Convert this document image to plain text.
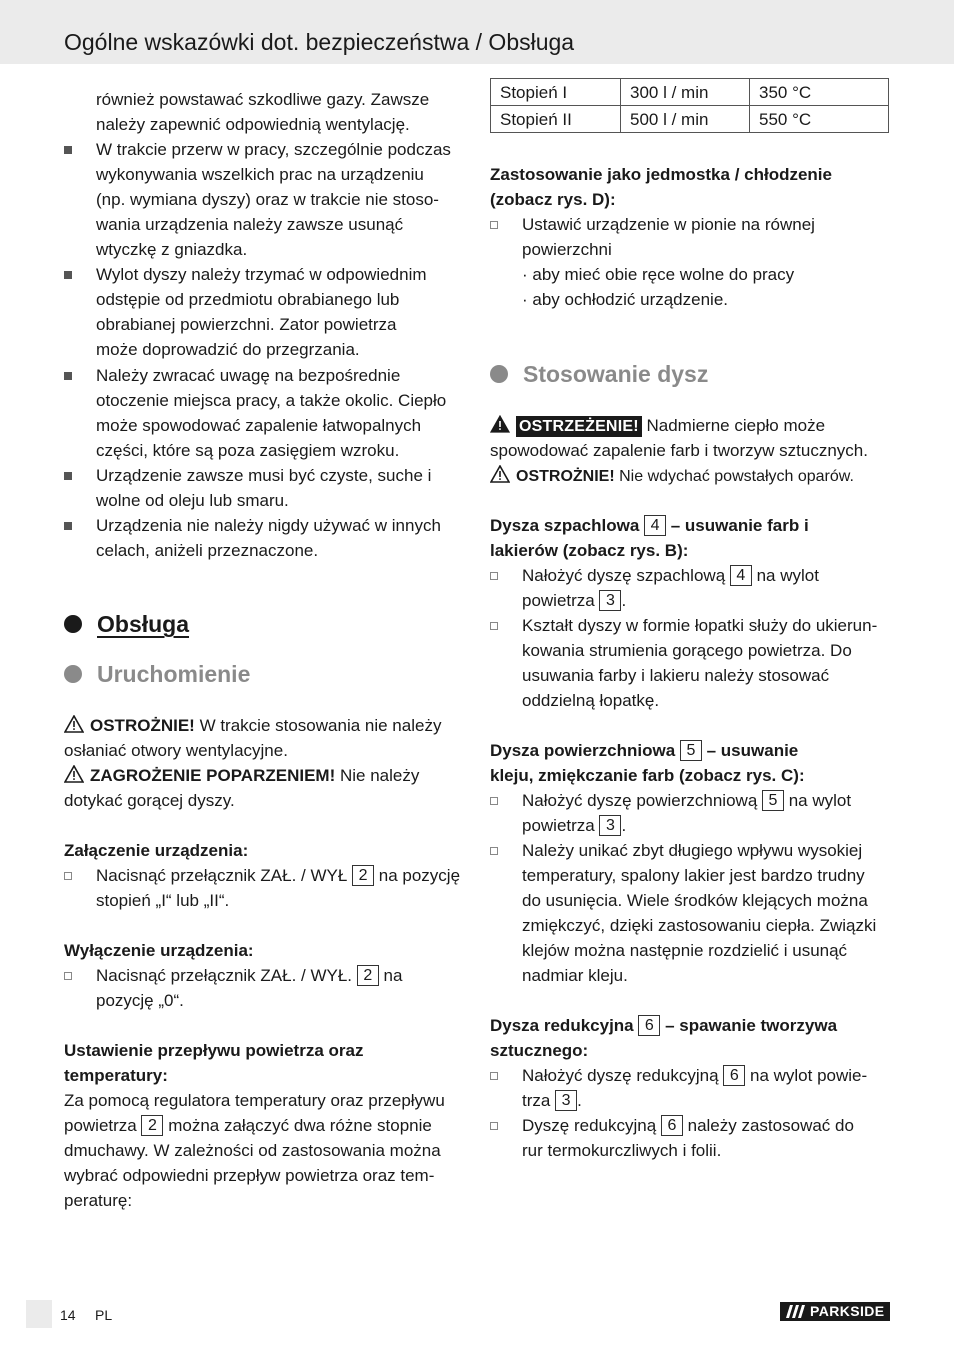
Ogólne wskazówki dot. bezpieczeństwa / Obsługa
również powstawać szkodliwe gazy. Zawsze
należy zapewnić odpowiednią wentylację.
W trakcie przerw w pracy, szczególnie podczas
wykonywania wszelkich prac na urządzeniu
(np. wymiana dyszy) oraz w trakcie nie stoso-
wania urządzenia należy zawsze usunąć
wtyczkę z gniazdka.
Wylot dyszy należy trzymać w odpowiednim
odstępie od przedmiotu obrabianego lub
obrabianej powierzchni. Zator powietrza
może doprowadzić do przegrzania.
Należy zwracać uwagę na bezpośrednie
otoczenie miejsca pracy, a także okolic. Ciepło
może spowodować zapalenie łatwopalnych
części, które są poza zasięgiem wzroku.
Urządzenie zawsze musi być czyste, suche i
wolne od oleju lub smaru.
Urządzenia nie należy nigdy używać w innych
celach, aniżeli przeznaczone.
Obsługa
Uruchomienie
OSTROŻNIE! W trakcie stosowania nie należy
osłaniać otwory wentylacyjne.
ZAGROŻENIE POPARZENIEM! Nie należy
dotykać gorącej dyszy.
Załączenie urządzenia:
Nacisnąć przełącznik ZAŁ. / WYŁ 2 na pozycję
stopień „I“ lub „II“.
Wyłączenie urządzenia:
Nacisnąć przełącznik ZAŁ. / WYŁ. 2 na
pozycję „0“.
Ustawienie przepływu powietrza oraz
temperatury:
Za pomocą regulatora temperatury oraz przepływu
powietrza 2 można załączyć dwa różne stopnie
dmuchawy. W zależności od zastosowania można
wybrać odpowiedni przepływ powietrza oraz tem-
peraturę:
Stopień I	300 l / min	350 °C
Stopień II	500 l / min	550 °C
Zastosowanie jako jedmostka / chłodzenie
(zobacz rys. D):
Ustawić urządzenie w pionie na równej
powierzchni
· aby mieć obie ręce wolne do pracy
· aby ochłodzić urządzenie.
Stosowanie dysz
OSTRZEŻENIE! Nadmierne ciepło może
spowodować zapalenie farb i tworzyw sztucznych.
OSTROŻNIE! Nie wdychać powstałych oparów.
Dysza szpachlowa 4 – usuwanie farb i
lakierów (zobacz rys. B):
Nałożyć dyszę szpachlową 4 na wylot
powietrza 3 .
Kształt dyszy w formie łopatki służy do ukierun-
kowania strumienia gorącego powietrza. Do
usuwania farby i lakieru należy stosować
oddzielną łopatkę.
Dysza powierzchniowa 5 – usuwanie
kleju, zmiękczanie farb (zobacz rys. C):
Nałożyć dyszę powierzchniową 5 na wylot
powietrza 3 .
Należy unikać zbyt długiego wpływu wysokiej
temperatury, spalony lakier jest bardzo trudny
do usunięcia. Wiele środków klejących można
zmiękczyć, dzięki zastosowaniu ciepła. Związki
klejów można następnie rozdzielić i usunąć
nadmiar kleju.
Dysza redukcyjna 6 – spawanie tworzywa
sztucznego:
Nałożyć dyszę redukcyjną 6 na wylot powie-
trza 3 .
Dyszę redukcyjną 6 należy zastosować do
rur termokurczliwych i folii.
14 PL	PARKSIDE
